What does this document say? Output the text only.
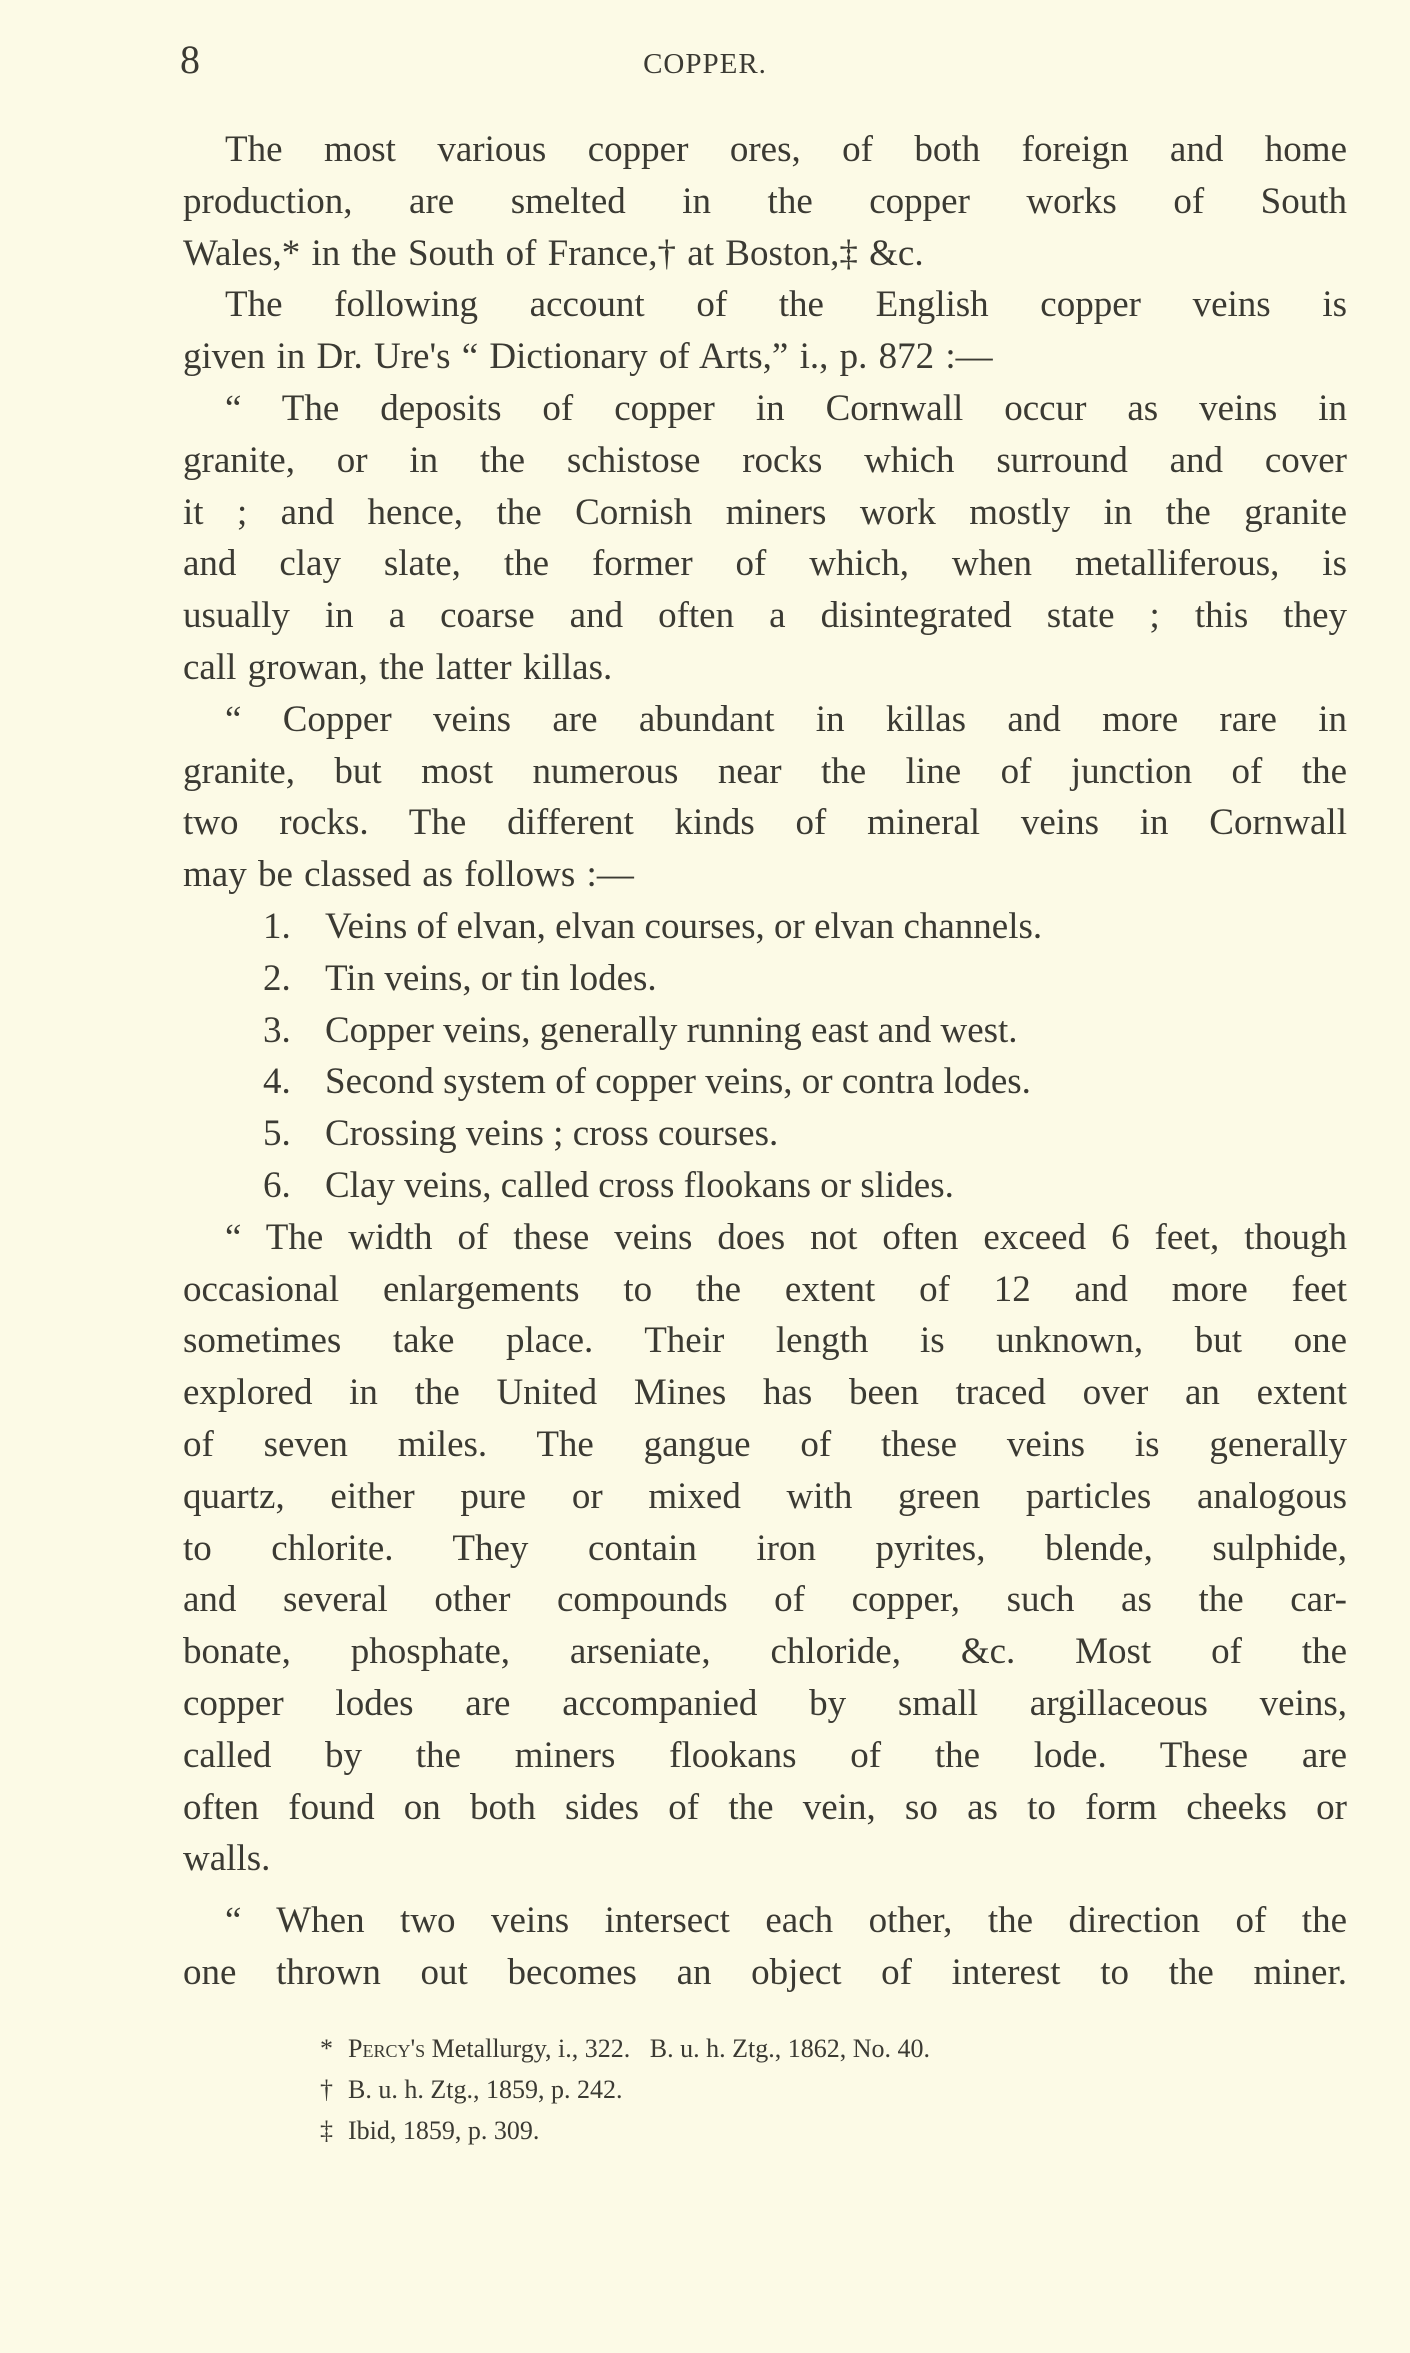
8	COPPER.
The most various copper ores, of both foreign and home
production, are smelted in the copper works of South
Wales,* in the South of France,† at Boston,‡ &c.
The following account of the English copper veins is
given in Dr. Ure's “ Dictionary of Arts,” i., p. 872 :—
“ The deposits of copper in Cornwall occur as veins in
granite, or in the schistose rocks which surround and cover
it ; and hence, the Cornish miners work mostly in the granite
and clay slate, the former of which, when metalliferous, is
usually in a coarse and often a disintegrated state ; this they
call growan, the latter killas.
“ Copper veins are abundant in killas and more rare in
granite, but most numerous near the line of junction of the
two rocks. The different kinds of mineral veins in Cornwall
may be classed as follows :—
1. Veins of elvan, elvan courses, or elvan channels.
2. Tin veins, or tin lodes.
3. Copper veins, generally running east and west.
4. Second system of copper veins, or contra lodes.
5. Crossing veins ; cross courses.
6. Clay veins, called cross flookans or slides.
“ The width of these veins does not often exceed 6 feet, though
occasional enlargements to the extent of 12 and more feet
sometimes take place. Their length is unknown, but one
explored in the United Mines has been traced over an extent
of seven miles. The gangue of these veins is generally
quartz, either pure or mixed with green particles analogous
to chlorite. They contain iron pyrites, blende, sulphide,
and several other compounds of copper, such as the car-
bonate, phosphate, arseniate, chloride, &c. Most of the
copper lodes are accompanied by small argillaceous veins,
called by the miners flookans of the lode. These are
often found on both sides of the vein, so as to form cheeks or
walls.
“ When two veins intersect each other, the direction of the
one thrown out becomes an object of interest to the miner.
* Percy's Metallurgy, i., 322.   B. u. h. Ztg., 1862, No. 40.
† B. u. h. Ztg., 1859, p. 242.
‡ Ibid, 1859, p. 309.
